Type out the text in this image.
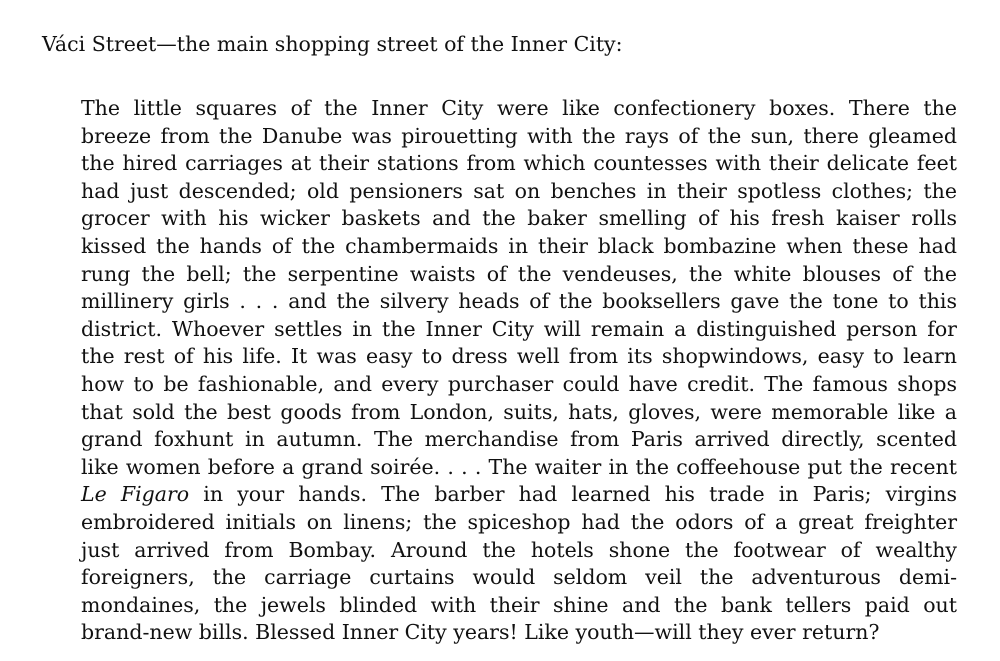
Váci Street—the main shopping street of the Inner City:

The little squares of the Inner City were like confectionery boxes. There the
breeze from the Danube was pirouetting with the rays of the sun, there gleamed
the hired carriages at their stations from which countesses with their delicate feet
had just descended; old pensioners sat on benches in their spotless clothes; the
grocer with his wicker baskets and the baker smelling of his fresh kaiser rolls
kissed the hands of the chambermaids in their black bombazine when these had
rung the bell; the serpentine waists of the vendeuses, the white blouses of the
millinery girls . . . and the silvery heads of the booksellers gave the tone to this
district. Whoever settles in the Inner City will remain a distinguished person for
the rest of his life. It was easy to dress well from its shopwindows, easy to learn
how to be fashionable, and every purchaser could have credit. The famous shops
that sold the best goods from London, suits, hats, gloves, were memorable like a
grand foxhunt in autumn. The merchandise from Paris arrived directly, scented
like women before a grand soirée. . . . The waiter in the coffeehouse put the recent
Le Figaro in your hands. The barber had learned his trade in Paris; virgins
embroidered initials on linens; the spiceshop had the odors of a great freighter
just arrived from Bombay. Around the hotels shone the footwear of wealthy
foreigners, the carriage curtains would seldom veil the adventurous demi-
mondaines, the jewels blinded with their shine and the bank tellers paid out
brand-new bills. Blessed Inner City years! Like youth—will they ever return?
